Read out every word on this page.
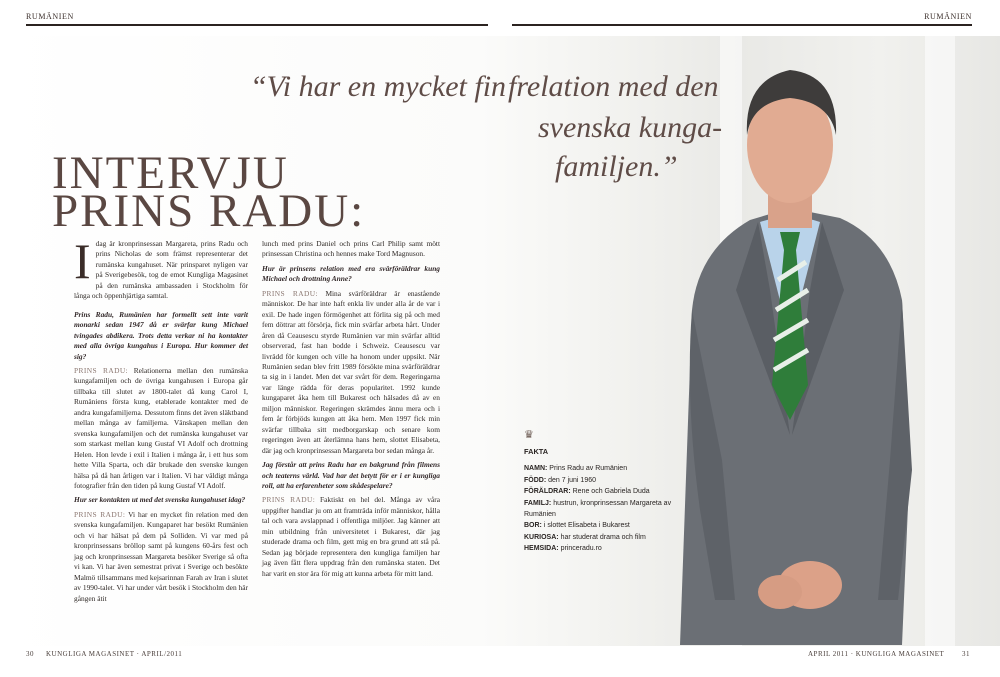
RUMÄNIEN	RUMÄNIEN
“Vi har en mycket fin frelation med den
svenska kunga-
familjen.”
INTERVJU
PRINS RADU:

Idag är kronprinsessan Margareta, prins Radu och prins Nicholas de som främst representerar det rumänska kungahuset. När prinsparet nyligen var på Sverigebesök, tog de emot Kungliga Magasinet på den rumänska ambassaden i Stockholm för långa och öppenhjärtiga samtal.

Prins Radu, Rumänien har formellt sett inte varit monarki sedan 1947 då er svärfar kung Michael tvingades abdikera. Trots detta verkar ni ha kontakter med alla övriga kungahus i Europa. Hur kommer det sig?

PRINS RADU: Relationerna mellan den rumänska kungafamiljen och de övriga kungahusen i Europa går tillbaka till slutet av 1800-talet då kung Carol I, Rumäniens första kung, etablerade kontakter med de andra kungafamiljerna. Dessutom finns det även släktband mellan många av familjerna. Vänskapen mellan den svenska kungafamiljen och det rumänska kungahuset var som starkast mellan kung Gustaf VI Adolf och drottning Helen. Hon levde i exil i Italien i många år, i ett hus som hette Villa Sparta, och där brukade den svenske kungen hälsa på då han årligen var i Italien. Vi har väldigt många fotografier från den tiden på kung Gustaf VI Adolf.

Hur ser kontakten ut med det svenska kungahuset idag?

PRINS RADU: Vi har en mycket fin relation med den svenska kungafamiljen. Kungaparet har besökt Rumänien och vi har hälsat på dem på Solliden. Vi var med på kronprinsessans bröllop samt på kungens 60-års fest och jag och kronprinsessan Margareta besöker Sverige så ofta vi kan. Vi har även semestrat privat i Sverige och besökte Malmö tillsammans med kejsarinnan Farah av Iran i slutet av 1990-talet. Vi har under vårt besök i Stockholm den här gången ätit

lunch med prins Daniel och prins Carl Philip samt mött prinsessan Christina och hennes make Tord Magnuson.

Hur är prinsens relation med era svärföräldrar kung Michael och drottning Anne?

PRINS RADU: Mina svärföräldrar är enastående människor. De har inte haft enkla liv under alla år de var i exil. De hade ingen förmögenhet att förlita sig på och med fem döttrar att försörja, fick min svärfar arbeta hårt. Under åren då Ceausescu styrde Rumänien var min svärfar alltid observerad, fast han bodde i Schweiz. Ceausescu var livrädd för kungen och ville ha honom under uppsikt. När Rumänien sedan blev fritt 1989 försökte mina svärföräldrar ta sig in i landet. Men det var svårt för dem. Regeringarna var länge rädda för deras popularitet. 1992 kunde kungaparet åka hem till Bukarest och hälsades då av en miljon människor. Regeringen skrämdes ännu mera och i fem år förbjöds kungen att åka hem. Men 1997 fick min svärfar tillbaka sitt medborgarskap och senare kom regeringen även att återlämna hans hem, slottet Elisabeta, där jag och kronprinsessan Margareta bor sedan många år.

Jag förstår att prins Radu har en bakgrund från filmens och teaterns värld. Vad har det betytt för er i er kungliga roll, att ha erfarenheter som skådespelare?

PRINS RADU: Faktiskt en hel del. Många av våra uppgifter handlar ju om att framträda inför människor, hålla tal och vara avslappnad i offentliga miljöer. Jag känner att min utbildning från universitetet i Bukarest, där jag studerade drama och film, gett mig en bra grund att stå på. Sedan jag började representera den kungliga familjen har jag även fått flera uppdrag från den rumänska staten. Det har varit en stor ära för mig att kunna arbeta för mitt land.

♛
FAKTA
NAMN: Prins Radu av Rumänien
FÖDD: den 7 juni 1960
FÖRÄLDRAR: Rene och Gabriela Duda
FAMILJ: hustrun, kronprinsessan Margareta av Rumänien
BOR: i slottet Elisabeta i Bukarest
KURIOSA: har studerat drama och film
HEMSIDA: princeradu.ro
30 KUNGLIGA MAGASINET · APRIL/2011	APRIL 2011 · KUNGLIGA MAGASINET	31
